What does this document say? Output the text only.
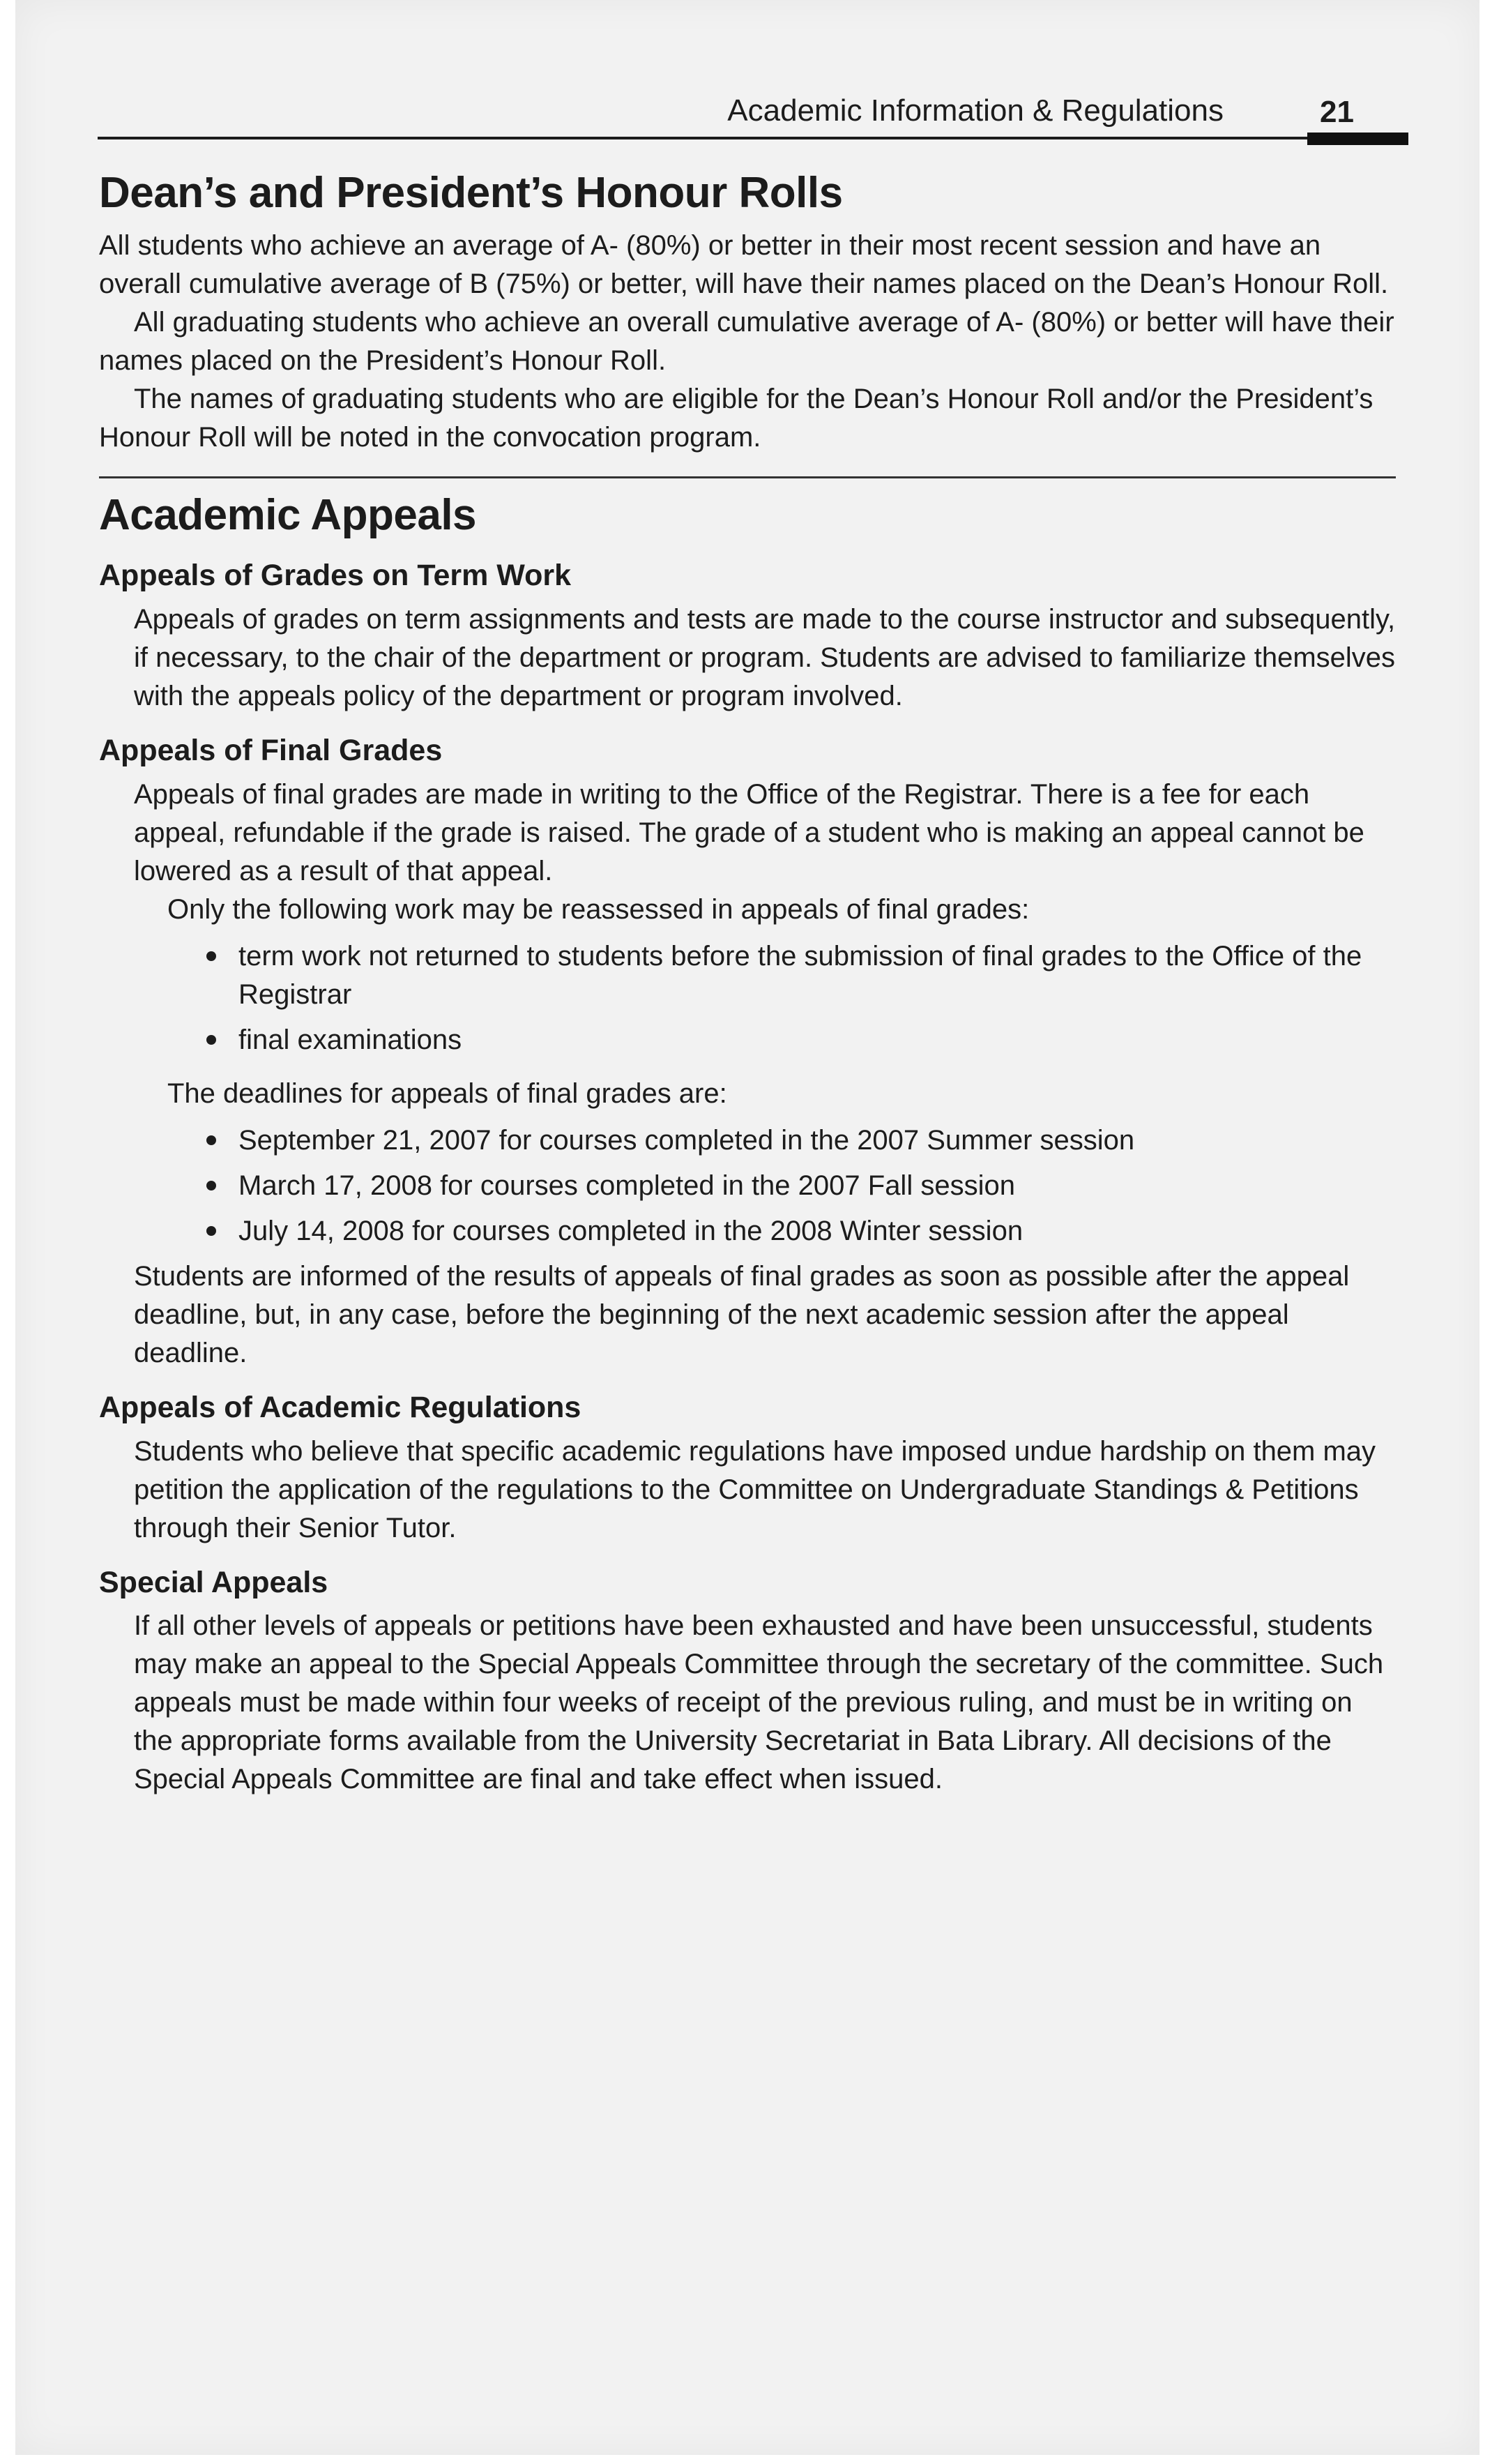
Academic Information & Regulations	21
Dean’s and President’s Honour Rolls

All students who achieve an average of A- (80%) or better in their most recent session and have an overall cumulative average of B (75%) or better, will have their names placed on the Dean’s Honour Roll.

All graduating students who achieve an overall cumulative average of A- (80%) or better will have their names placed on the President’s Honour Roll.

The names of graduating students who are eligible for the Dean’s Honour Roll and/or the President’s Honour Roll will be noted in the convocation program.

Academic Appeals
Appeals of Grades on Term Work

Appeals of grades on term assignments and tests are made to the course instructor and subsequently, if necessary, to the chair of the department or program. Students are advised to familiarize themselves with the appeals policy of the department or program involved.

Appeals of Final Grades

Appeals of final grades are made in writing to the Office of the Registrar. There is a fee for each appeal, refundable if the grade is raised. The grade of a student who is making an appeal cannot be lowered as a result of that appeal.

Only the following work may be reassessed in appeals of final grades:

term work not returned to students before the submission of final grades to the Office of the Registrar
final examinations

The deadlines for appeals of final grades are:

September 21, 2007 for courses completed in the 2007 Summer session
March 17, 2008 for courses completed in the 2007 Fall session
July 14, 2008 for courses completed in the 2008 Winter session

Students are informed of the results of appeals of final grades as soon as possible after the appeal deadline, but, in any case, before the beginning of the next academic session after the appeal deadline.

Appeals of Academic Regulations

Students who believe that specific academic regulations have imposed undue hardship on them may petition the application of the regulations to the Committee on Undergraduate Standings & Petitions through their Senior Tutor.

Special Appeals

If all other levels of appeals or petitions have been exhausted and have been unsuccessful, students may make an appeal to the Special Appeals Committee through the secretary of the committee. Such appeals must be made within four weeks of receipt of the previous ruling, and must be in writing on the appropriate forms available from the University Secretariat in Bata Library. All decisions of the Special Appeals Committee are final and take effect when issued.
